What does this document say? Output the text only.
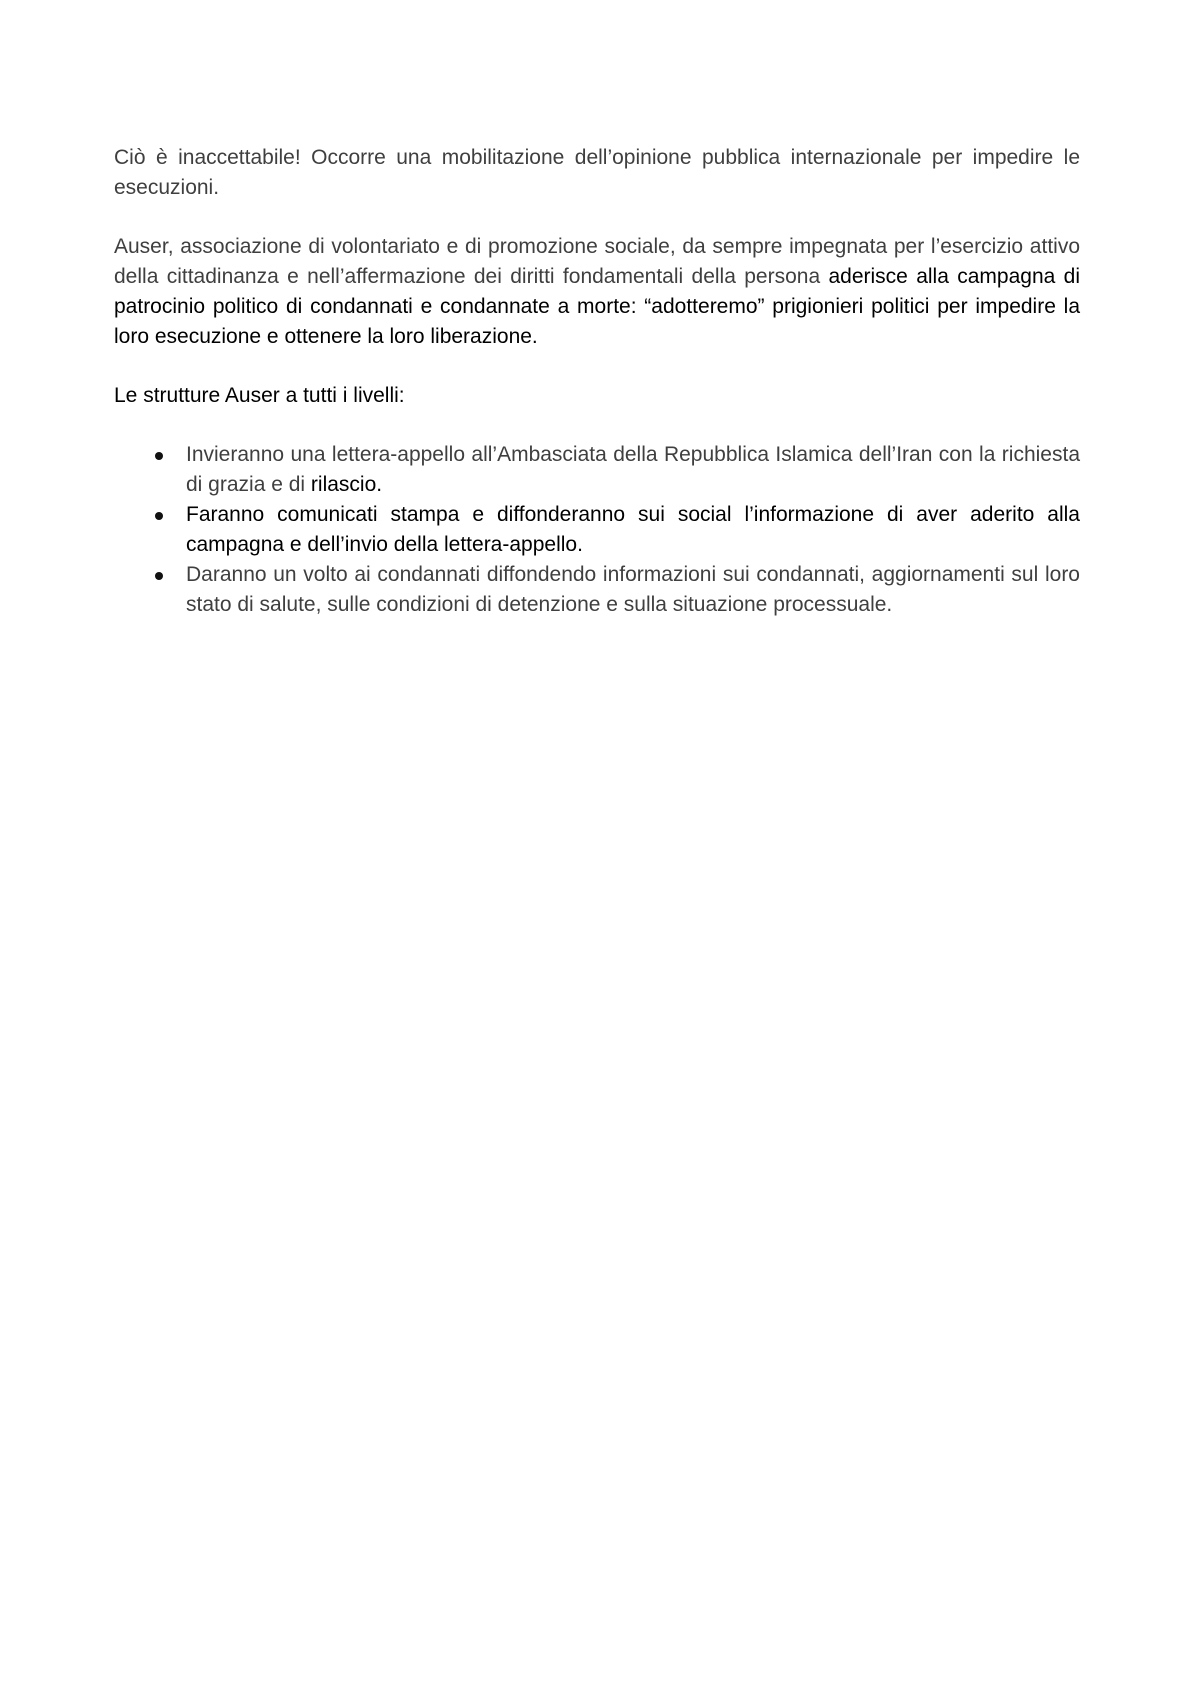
Ciò è inaccettabile! Occorre una mobilitazione dell’opinione pubblica internazionale per impedire le esecuzioni.

Auser, associazione di volontariato e di promozione sociale, da sempre impegnata per l’esercizio attivo della cittadinanza e nell’affermazione dei diritti fondamentali della persona aderisce alla campagna di patrocinio politico di condannati e condannate a morte: “adotteremo” prigionieri politici per impedire la loro esecuzione e ottenere la loro liberazione.

Le strutture Auser a tutti i livelli:

Invieranno una lettera-appello all’Ambasciata della Repubblica Islamica dell’Iran con la richiesta di grazia e di rilascio.
Faranno comunicati stampa e diffonderanno sui social l’informazione di aver aderito alla campagna e dell’invio della lettera-appello.
Daranno un volto ai condannati diffondendo informazioni sui condannati, aggiornamenti sul loro stato di salute, sulle condizioni di detenzione e sulla situazione processuale.
